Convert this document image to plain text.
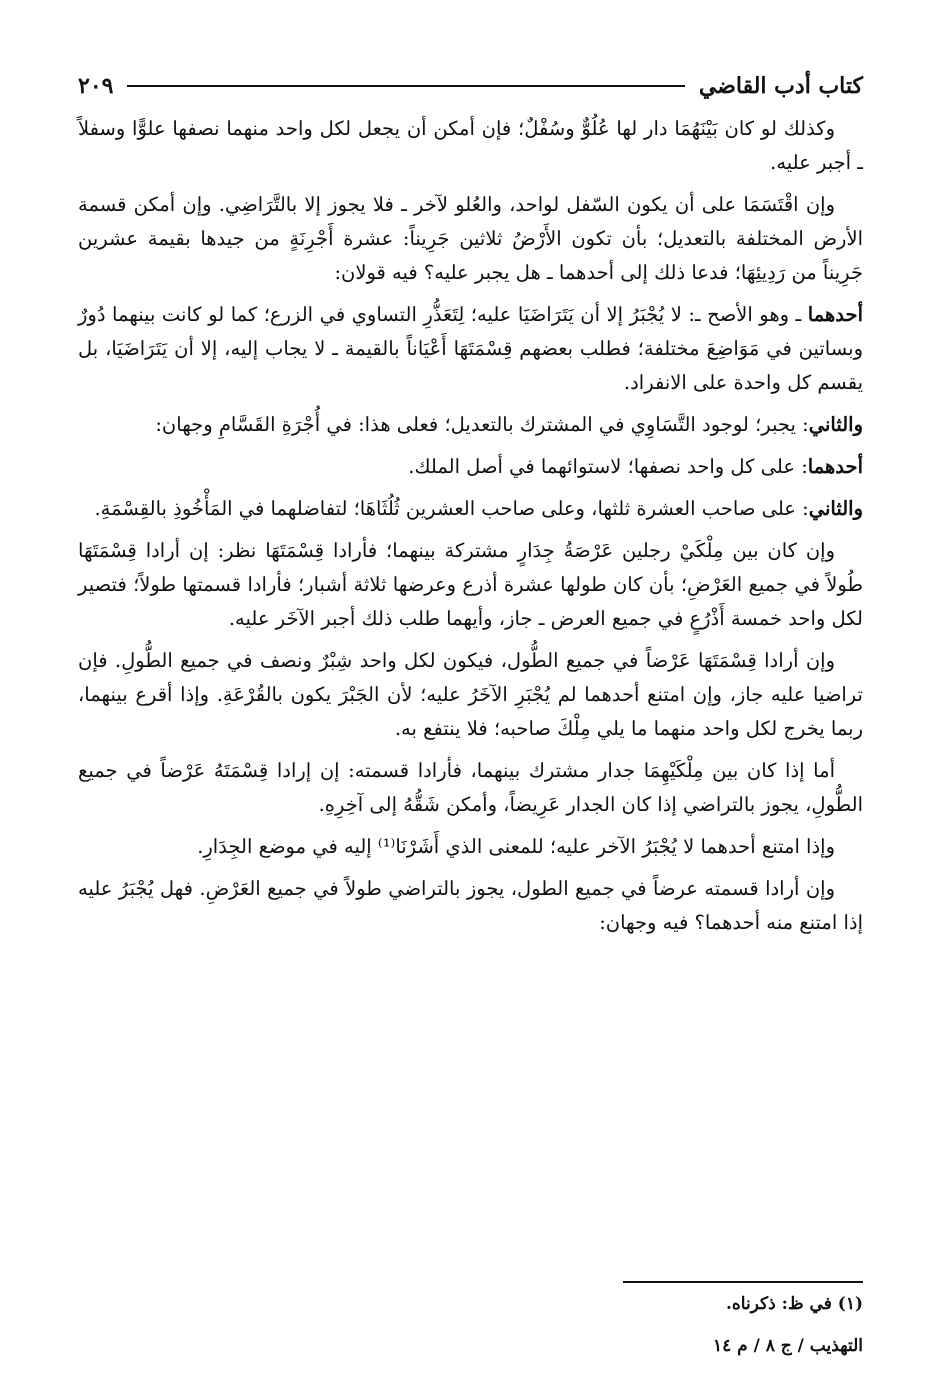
كتاب أدب القاضي
٢٠٩

وكذلك لو كان بَيْنَهُمَا دار لها عُلُوٌّ وسُفْلٌ؛ فإن أمكن أن يجعل لكل واحد منهما نصفها علوًّا وسفلاً ـ أجبر عليه.

وإن اقْتَسَمَا على أن يكون السّفل لواحد، والعُلو لآخر ـ فلا يجوز إلا بالتَّرَاضِي. وإن أمكن قسمة الأرض المختلفة بالتعديل؛ بأن تكون الأَرْضُ ثلاثين جَرِيناً: عشرة أَجْرِنَةٍ من جيدها بقيمة عشرين جَرِيناً من رَدِيئِهَا؛ فدعا ذلك إلى أحدهما ـ هل يجبر عليه؟ فيه قولان:

أحدهما ـ وهو الأصح ـ: لا يُجْبَرُ إلا أن يَتَرَاضَيَا عليه؛ لِتَعَذُّرِ التساوي في الزرع؛ كما لو كانت بينهما دُورٌ وبساتين في مَوَاضِعَ مختلفة؛ فطلب بعضهم قِسْمَتَهَا أَعْيَاناً بالقيمة ـ لا يجاب إليه، إلا أن يَتَرَاضَيَا، بل يقسم كل واحدة على الانفراد.

والثاني: يجبر؛ لوجود التَّسَاوِي في المشترك بالتعديل؛ فعلى هذا: في أُجْرَةِ القَسَّامِ وجهان:

أحدهما: على كل واحد نصفها؛ لاستوائهما في أصل الملك.

والثاني: على صاحب العشرة ثلثها، وعلى صاحب العشرين ثُلُثَاهَا؛ لتفاضلهما في المَأْخُوذِ بالقِسْمَةِ.

وإن كان بين مِلْكَيْ رجلين عَرْصَةُ جِدَارٍ مشتركة بينهما؛ فأرادا قِسْمَتَهَا نظر: إن أرادا قِسْمَتَهَا طُولاً في جميع العَرْضِ؛ بأن كان طولها عشرة أذرع وعرضها ثلاثة أشبار؛ فأرادا قسمتها طولاً؛ فتصير لكل واحد خمسة أَذْرُعٍ في جميع العرض ـ جاز، وأيهما طلب ذلك أجبر الآخَر عليه.

وإن أرادا قِسْمَتَهَا عَرْضاً في جميع الطُّول، فيكون لكل واحد شِبْرٌ ونصف في جميع الطُّولِ. فإن تراضيا عليه جاز، وإن امتنع أحدهما لم يُجْبَرِ الآخَرُ عليه؛ لأن الجَبْرَ يكون بالقُرْعَةِ. وإذا أقرع بينهما، ربما يخرج لكل واحد منهما ما يلي مِلْكَ صاحبه؛ فلا ينتفع به.

أما إذا كان بين مِلْكَيْهِمَا جدار مشترك بينهما، فأرادا قسمته: إن إرادا قِسْمَتَهُ عَرْضاً في جميع الطُّولِ، يجوز بالتراضي إذا كان الجدار عَرِيضاً، وأمكن شَقُّهُ إلى آخِرِهِ.

وإذا امتنع أحدهما لا يُجْبَرُ الآخر عليه؛ للمعنى الذي أَشَرْنَا⁽¹⁾ إليه في موضع الجِدَارِ.

وإن أرادا قسمته عرضاً في جميع الطول، يجوز بالتراضي طولاً في جميع العَرْضِ. فهل يُجْبَرُ عليه إذا امتنع منه أحدهما؟ فيه وجهان:

(١) في ظ: ذكرناه.
التهذيب / ج ٨ / م ١٤
